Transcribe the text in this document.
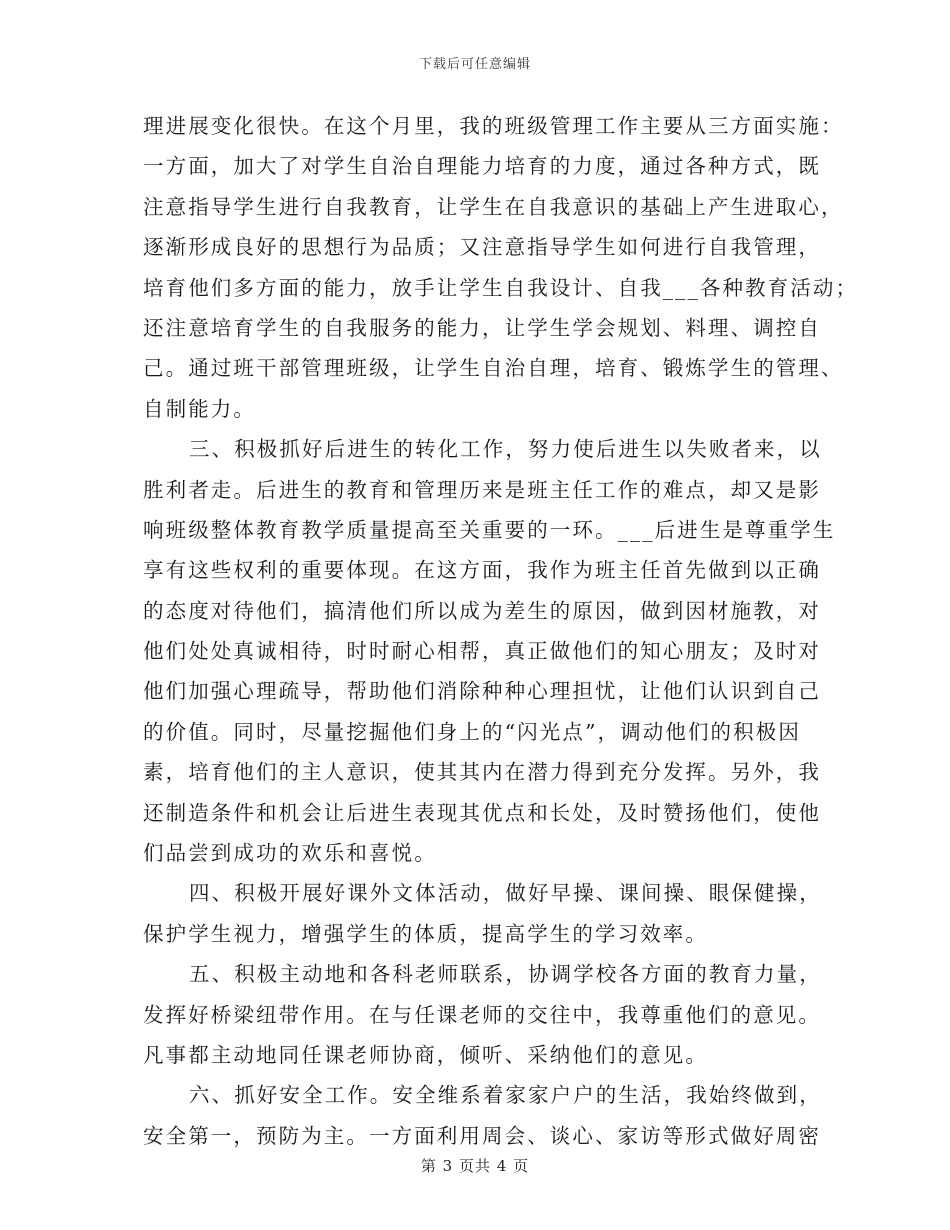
下载后可任意编辑
理进展变化很快。在这个月里，我的班级管理工作主要从三方面实施：
一方面，加大了对学生自治自理能力培育的力度，通过各种方式，既
注意指导学生进行自我教育，让学生在自我意识的基础上产生进取心，
逐渐形成良好的思想行为品质；又注意指导学生如何进行自我管理，
培育他们多方面的能力，放手让学生自我设计、自我___各种教育活动；
还注意培育学生的自我服务的能力，让学生学会规划、料理、调控自
己。通过班干部管理班级，让学生自治自理，培育、锻炼学生的管理、
自制能力。
三、积极抓好后进生的转化工作，努力使后进生以失败者来，以
胜利者走。后进生的教育和管理历来是班主任工作的难点，却又是影
响班级整体教育教学质量提高至关重要的一环。___后进生是尊重学生
享有这些权利的重要体现。在这方面，我作为班主任首先做到以正确
的态度对待他们，搞清他们所以成为差生的原因，做到因材施教，对
他们处处真诚相待，时时耐心相帮，真正做他们的知心朋友；及时对
他们加强心理疏导，帮助他们消除种种心理担忧，让他们认识到自己
的价值。同时，尽量挖掘他们身上的“闪光点”，调动他们的积极因
素，培育他们的主人意识，使其其内在潜力得到充分发挥。另外，我
还制造条件和机会让后进生表现其优点和长处，及时赞扬他们，使他
们品尝到成功的欢乐和喜悦。
四、积极开展好课外文体活动，做好早操、课间操、眼保健操，
保护学生视力，增强学生的体质，提高学生的学习效率。
五、积极主动地和各科老师联系，协调学校各方面的教育力量，
发挥好桥梁纽带作用。在与任课老师的交往中，我尊重他们的意见。
凡事都主动地同任课老师协商，倾听、采纳他们的意见。
六、抓好安全工作。安全维系着家家户户的生活，我始终做到，
安全第一，预防为主。一方面利用周会、谈心、家访等形式做好周密
第 3 页共 4 页
